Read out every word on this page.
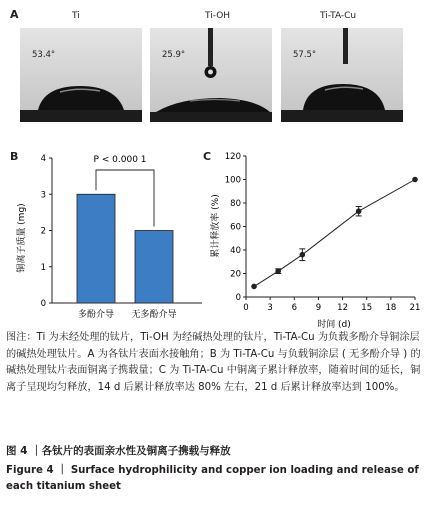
A	Ti	Ti-OH	Ti-TA-Cu
53.4°	25.9°	57.5°
B
0
1
2
3
4
多酚介导 无多酚介导
铜离子质量 (mg)
P < 0.000 1	C
0
20
40
60
80
100
120
0 3 6 9 12 15 18 21
累计释放率 (%)
时间 (d)
图注：Ti 为未经处理的钛片，Ti-OH 为经碱热处理的钛片，Ti-TA-Cu 为负载多酚介导铜涂层的碱热处理钛片。A 为各钛片表面水接触角；B 为 Ti-TA-Cu 与负载铜涂层 ( 无多酚介导 ) 的碱热处理钛片表面铜离子携载量；C 为 Ti-TA-Cu 中铜离子累计释放率，随着时间的延长，铜离子呈现均匀释放，14 d 后累计释放率达 80% 左右，21 d 后累计释放率达到 100%。
图 4 ｜各钛片的表面亲水性及铜离子携载与释放
Figure 4 ｜ Surface hydrophilicity and copper ion loading and release of each titanium sheet
